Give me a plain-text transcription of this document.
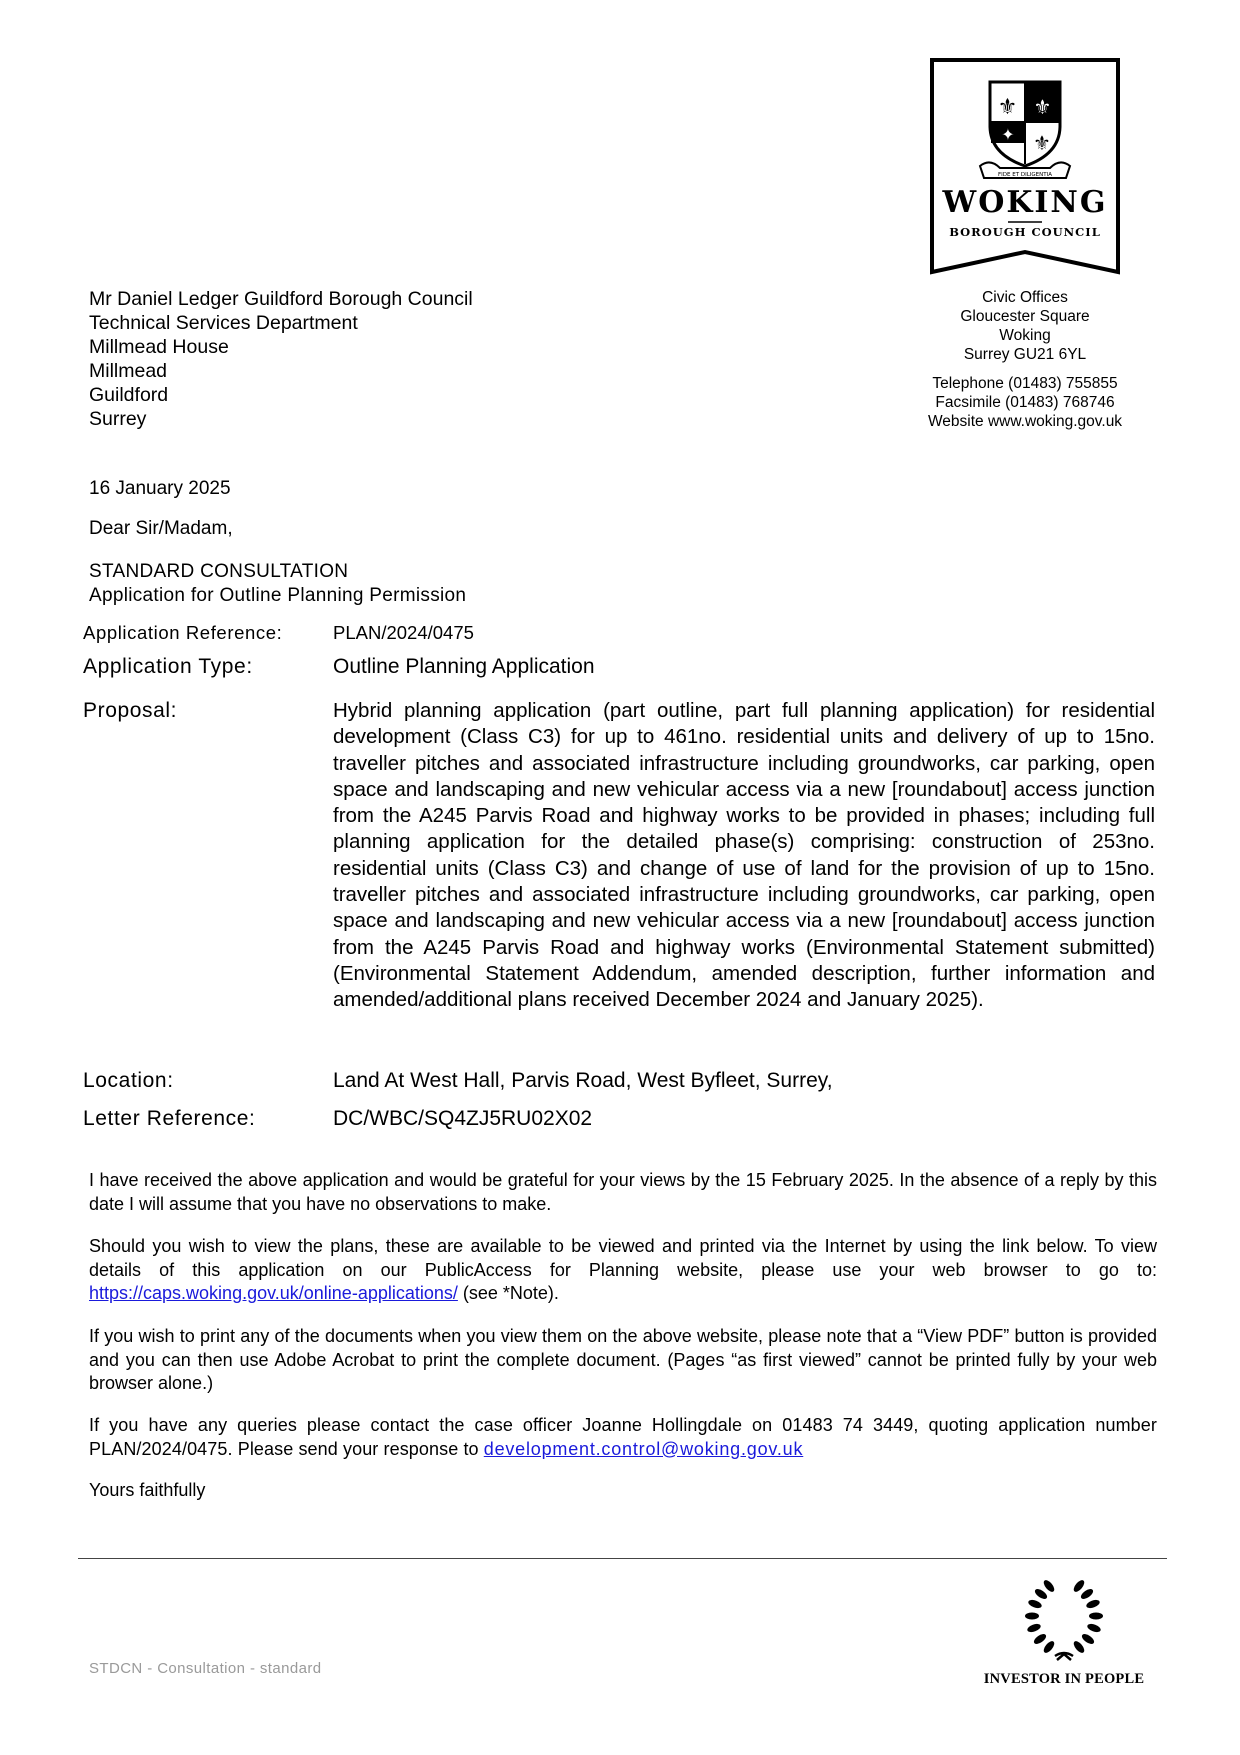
Mr Daniel Ledger Guildford Borough Council
Technical Services Department
Millmead House
Millmead
Guildford
Surrey
⚜ ⚜
✦ ⚜
FIDE ET DILIGENTIA
WOKING
BOROUGH COUNCIL
Civic Offices
Gloucester Square
Woking
Surrey GU21 6YL
Telephone (01483) 755855
Facsimile (01483) 768746
Website www.woking.gov.uk
16 January 2025
Dear Sir/Madam,
STANDARD CONSULTATION
Application for Outline Planning Permission
Application Reference:	PLAN/2024/0475
Application Type:	Outline Planning Application
Proposal:	Hybrid planning application (part outline, part full planning application) for residential development (Class C3) for up to 461no. residential units and delivery of up to 15no. traveller pitches and associated infrastructure including groundworks, car parking, open space and landscaping and new vehicular access via a new [roundabout] access junction from the A245 Parvis Road and highway works to be provided in phases; including full planning application for the detailed phase(s) comprising: construction of 253no. residential units (Class C3) and change of use of land for the provision of up to 15no. traveller pitches and associated infrastructure including groundworks, car parking, open space and landscaping and new vehicular access via a new [roundabout] access junction from the A245 Parvis Road and highway works (Environmental Statement submitted) (Environmental Statement Addendum, amended description, further information and amended/additional plans received December 2024 and January 2025).

Location:	Land At West Hall, Parvis Road, West Byfleet, Surrey,
Letter Reference:	DC/WBC/SQ4ZJ5RU02X02

I have received the above application and would be grateful for your views by the 15 February 2025. In the absence of a reply by this date I will assume that you have no observations to make.

Should you wish to view the plans, these are available to be viewed and printed via the Internet by using the link below. To view details of this application on our PublicAccess for Planning website, please use your web browser to go to: https://caps.woking.gov.uk/online-applications/ (see *Note).

If you wish to print any of the documents when you view them on the above website, please note that a “View PDF” button is provided and you can then use Adobe Acrobat to print the complete document. (Pages “as first viewed” cannot be printed fully by your web browser alone.)

If you have any queries please contact the case officer Joanne Hollingdale on 01483 74 3449, quoting application number PLAN/2024/0475. Please send your response to development.control@woking.gov.uk

Yours faithfully
STDCN - Consultation - standard
INVESTOR IN PEOPLE
